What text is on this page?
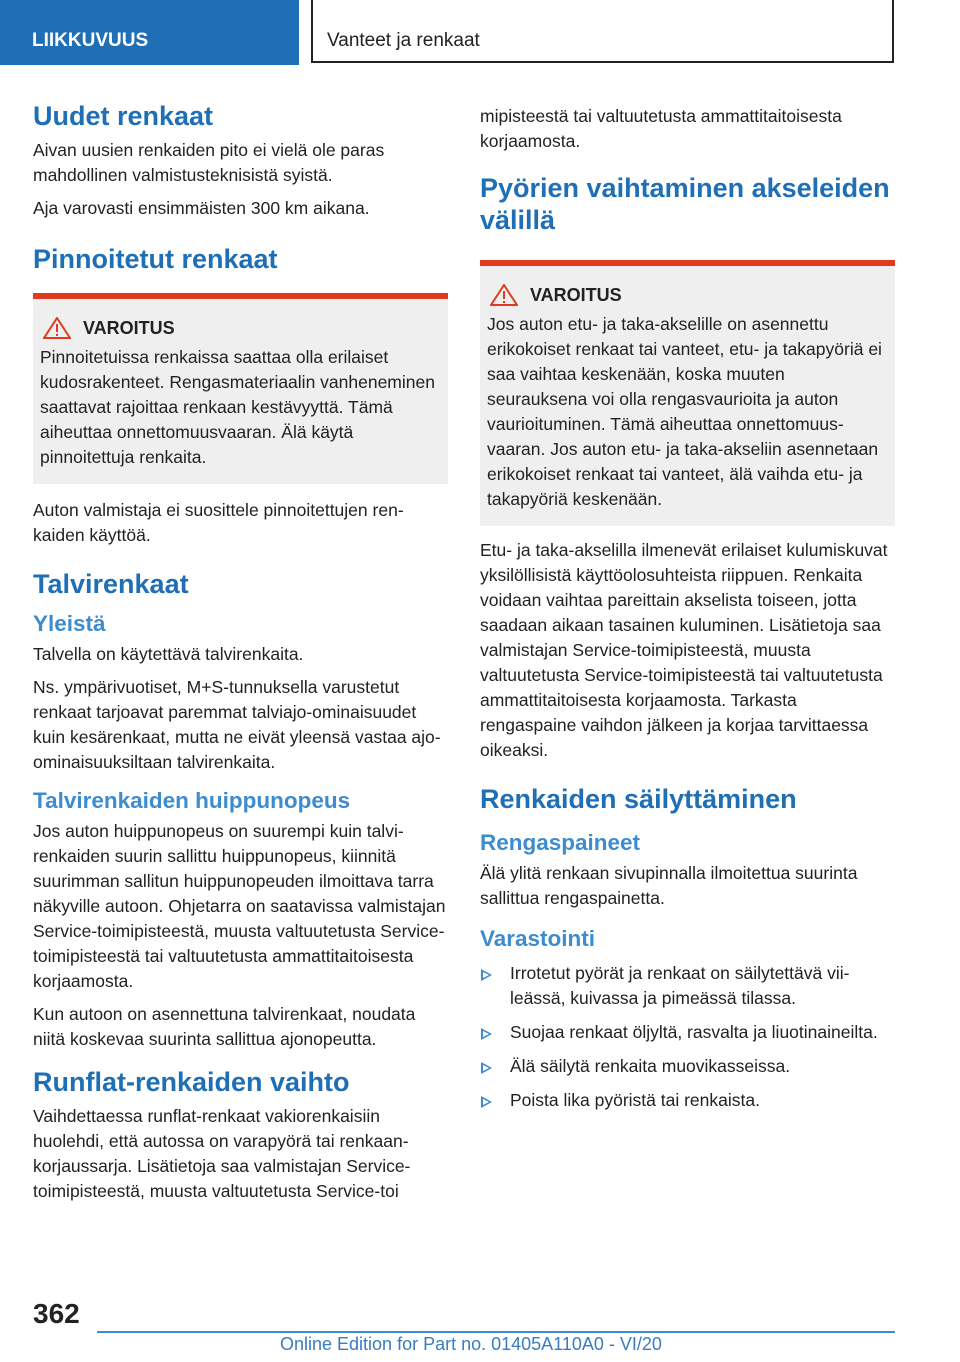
LIIKKUVUUS	Vanteet ja renkaat
Uudet renkaat

Aivan uusien renkaiden pito ei vielä ole paras mahdollinen valmistusteknisistä syistä.

Aja varovasti ensimmäisten 300 km aikana.

Pinnoitetut renkaat
VAROITUS

Pinnoitetuissa renkaissa saattaa olla erilaiset kudosrakenteet. Rengasmateriaalin vanheneminen saattavat rajoittaa renkaan kestävyyttä. Tämä aiheuttaa onnettomuusvaaran. Älä käytä pinnoitettuja renkaita.

Auton valmistaja ei suosittele pinnoitettujen renkaiden käyttöä.

Talvirenkaat
Yleistä

Talvella on käytettävä talvirenkaita.

Ns. ympärivuotiset, M+S-tunnuksella varustetut renkaat tarjoavat paremmat talviajo-ominaisuudet kuin kesärenkaat, mutta ne eivät yleensä vastaa ajo-ominaisuuksiltaan talvirenkaita.

Talvirenkaiden huippunopeus

Jos auton huippunopeus on suurempi kuin talvirenkaiden suurin sallittu huippunopeus, kiinnitä suurimman sallitun huippunopeuden ilmoittava tarra näkyville autoon. Ohjetarra on saatavissa valmistajan Service-toimipisteestä, muusta valtuutetusta Service-toimipisteestä tai valtuutetusta ammattitaitoisesta korjaamosta.

Kun autoon on asennettuna talvirenkaat, noudata niitä koskevaa suurinta sallittua ajonopeutta.

Runflat-renkaiden vaihto

Vaihdettaessa runflat-renkaat vakiorenkaisiin huolehdi, että autossa on varapyörä tai renkaankorjaussarja. Lisätietoja saa valmistajan Service-toimipisteestä, muusta valtuutetusta Service-toi

mipisteestä tai valtuutetusta ammattitaitoisesta korjaamosta.

Pyörien vaihtaminen akseleiden välillä
VAROITUS

Jos auton etu- ja taka-akselille on asennettu erikokoiset renkaat tai vanteet, etu- ja takapyöriä ei saa vaihtaa keskenään, koska muuten seurauksena voi olla rengasvaurioita ja auton vaurioituminen. Tämä aiheuttaa onnettomuusvaaran. Jos auton etu- ja taka-akseliin asennetaan erikokoiset renkaat tai vanteet, älä vaihda etu- ja takapyöriä keskenään.

Etu- ja taka-akselilla ilmenevät erilaiset kulumiskuvat yksilöllisistä käyttöolosuhteista riippuen. Renkaita voidaan vaihtaa pareittain akselista toiseen, jotta saadaan aikaan tasainen kuluminen. Lisätietoja saa valmistajan Service-toimipisteestä, muusta valtuutetusta Service-toimipisteestä tai valtuutetusta ammattitaitoisesta korjaamosta. Tarkasta rengaspaine vaihdon jälkeen ja korjaa tarvittaessa oikeaksi.

Renkaiden säilyttäminen
Rengaspaineet

Älä ylitä renkaan sivupinnalla ilmoitettua suurinta sallittua rengaspainetta.

Varastointi
Irrotetut pyörät ja renkaat on säilytettävä viileässä, kuivassa ja pimeässä tilassa.
Suojaa renkaat öljyltä, rasvalta ja liuotinaineilta.
Älä säilytä renkaita muovikasseissa.
Poista lika pyöristä tai renkaista.
362
Online Edition for Part no. 01405A110A0 - VI/20
